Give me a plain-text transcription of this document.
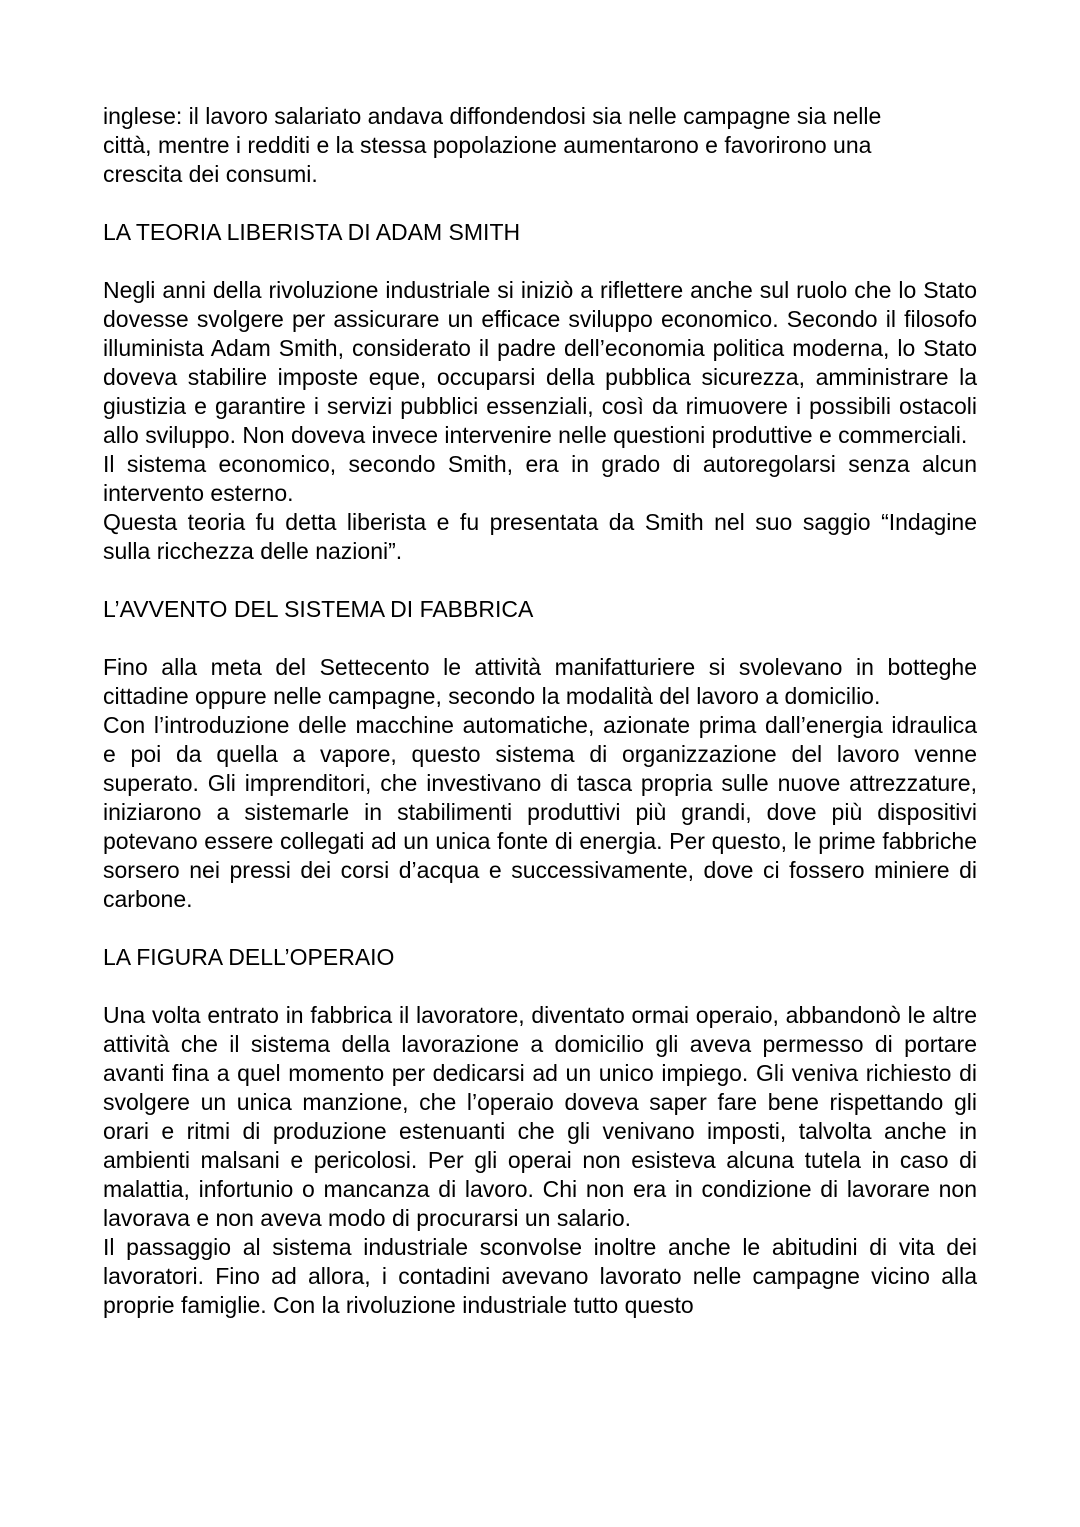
inglese: il lavoro salariato andava diffondendosi sia nelle campagne sia nelle
città, mentre i redditi e la stessa popolazione aumentarono e favorirono una
crescita dei consumi.

LA TEORIA LIBERISTA DI ADAM SMITH

Negli anni della rivoluzione industriale si iniziò a riflettere anche sul ruolo che lo Stato dovesse svolgere per assicurare un efficace sviluppo economico. Secondo il filosofo illuminista Adam Smith, considerato il padre dell’economia politica moderna, lo Stato doveva stabilire imposte eque, occuparsi della pubblica sicurezza, amministrare la giustizia e garantire i servizi pubblici essenziali, così da rimuovere i possibili ostacoli allo sviluppo. Non doveva invece intervenire nelle questioni produttive e commerciali.

Il sistema economico, secondo Smith, era in grado di autoregolarsi senza alcun intervento esterno.

Questa teoria fu detta liberista e fu presentata da Smith nel suo saggio “Indagine sulla ricchezza delle nazioni”.

L’AVVENTO DEL SISTEMA DI FABBRICA

Fino alla meta del Settecento le attività manifatturiere si svolevano in botteghe cittadine oppure nelle campagne, secondo la modalità del lavoro a domicilio.

Con l’introduzione delle macchine automatiche, azionate prima dall’energia idraulica e poi da quella a vapore, questo sistema di organizzazione del lavoro venne superato. Gli imprenditori, che investivano di tasca propria sulle nuove attrezzature, iniziarono a sistemarle in stabilimenti produttivi più grandi, dove più dispositivi potevano essere collegati ad un unica fonte di energia. Per questo, le prime fabbriche sorsero nei pressi dei corsi d’acqua e successivamente, dove ci fossero miniere di carbone.

LA FIGURA DELL’OPERAIO

Una volta entrato in fabbrica il lavoratore, diventato ormai operaio, abbandonò le altre attività che il sistema della lavorazione a domicilio gli aveva permesso di portare avanti fina a quel momento per dedicarsi ad un unico impiego. Gli veniva richiesto di svolgere un unica manzione, che l’operaio doveva saper fare bene rispettando gli orari e ritmi di produzione estenuanti che gli venivano imposti, talvolta anche in ambienti malsani e pericolosi. Per gli operai non esisteva alcuna tutela in caso di malattia, infortunio o mancanza di lavoro. Chi non era in condizione di lavorare non lavorava e non aveva modo di procurarsi un salario.

Il passaggio al sistema industriale sconvolse inoltre anche le abitudini di vita dei lavoratori. Fino ad allora, i contadini avevano lavorato nelle campagne vicino alla proprie famiglie. Con la rivoluzione industriale tutto questo
